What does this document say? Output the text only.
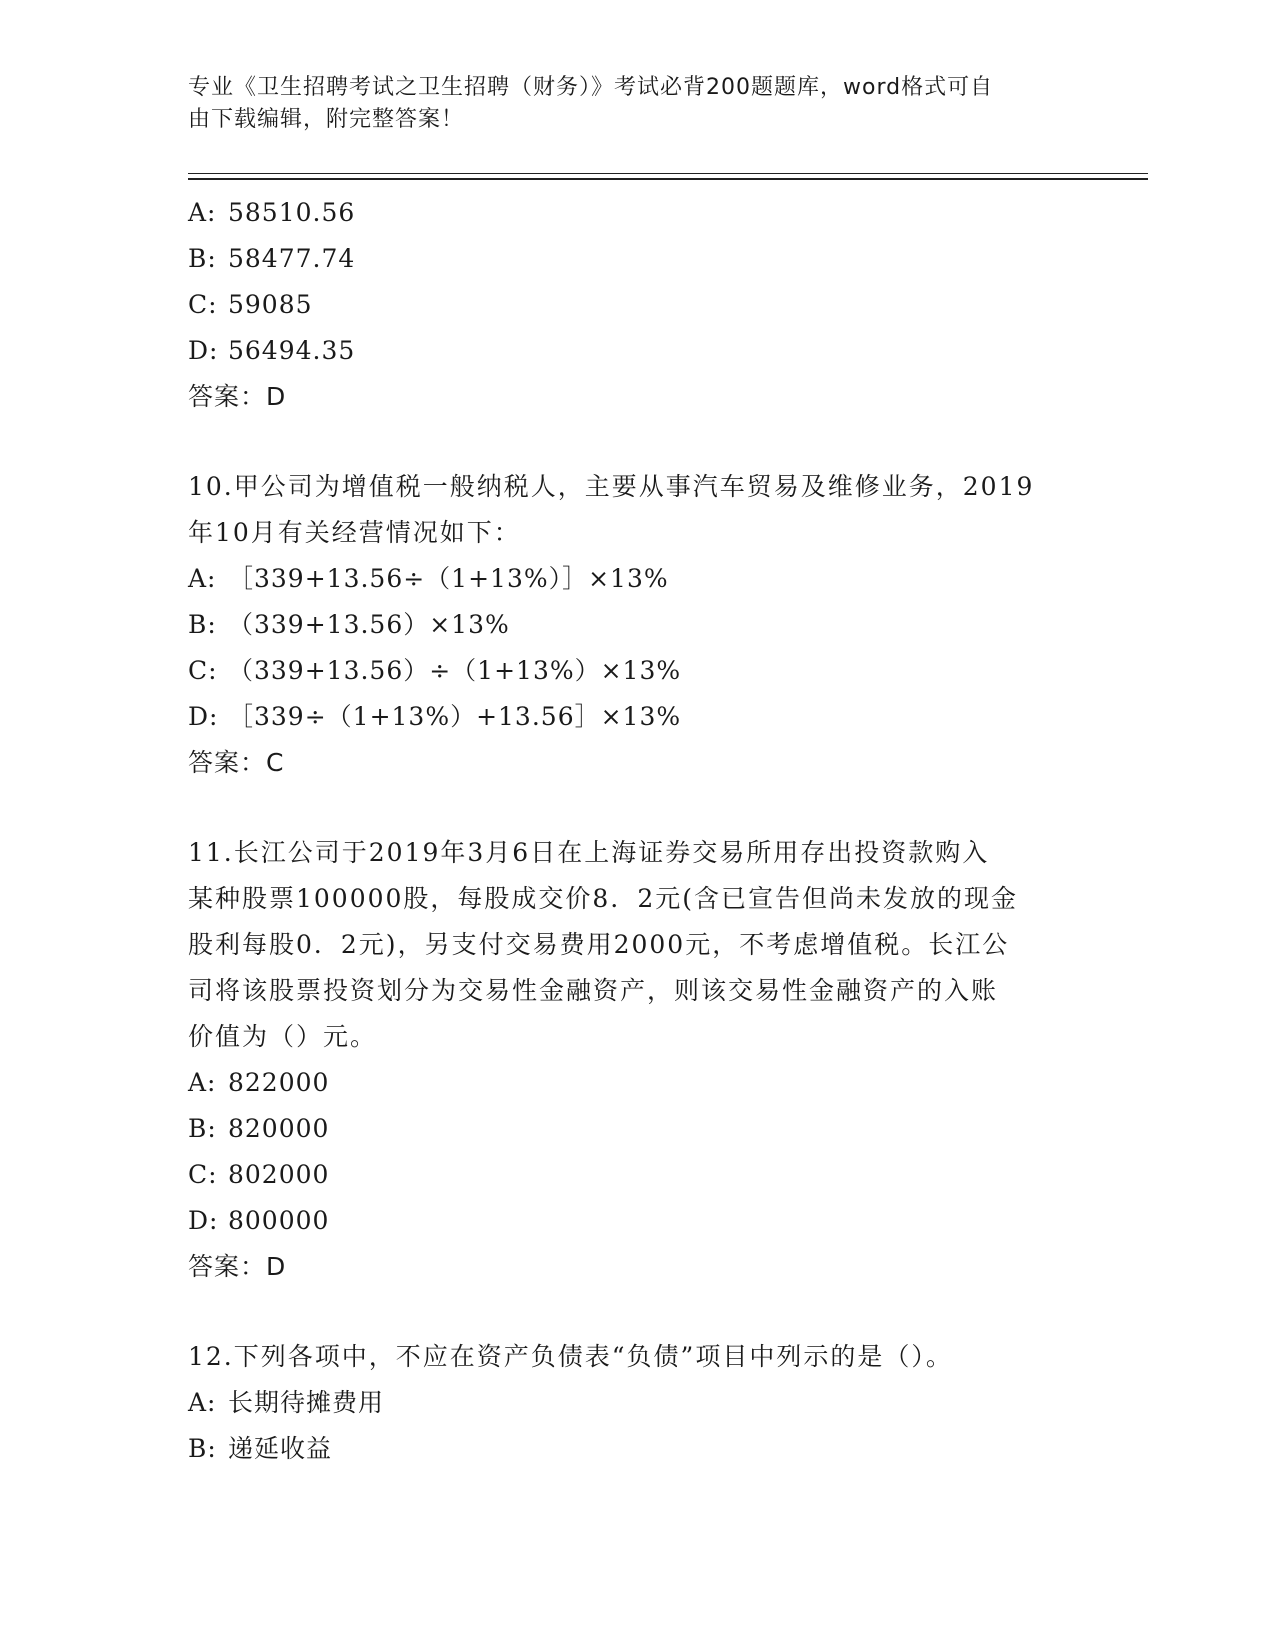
专业《卫生招聘考试之卫生招聘（财务）》考试必背200题题库，word格式可自
由下载编辑，附完整答案！
A: 58510.56
B: 58477.74
C: 59085
D: 56494.35
答案：D
10.甲公司为增值税一般纳税人，主要从事汽车贸易及维修业务，2019
年10月有关经营情况如下：
A: ［339+13.56÷（1+13%）］×13%
B: （339+13.56）×13%
C: （339+13.56）÷（1+13%）×13%
D: ［339÷（1+13%）+13.56］×13%
答案：C
11.长江公司于2019年3月6日在上海证券交易所用存出投资款购入
某种股票100000股，每股成交价8．2元(含已宣告但尚未发放的现金
股利每股0．2元)，另支付交易费用2000元，不考虑增值税。长江公
司将该股票投资划分为交易性金融资产，则该交易性金融资产的入账
价值为（）元。
A: 822000
B: 820000
C: 802000
D: 800000
答案：D
12.下列各项中，不应在资产负债表“负债”项目中列示的是（）。
A: 长期待摊费用
B: 递延收益
